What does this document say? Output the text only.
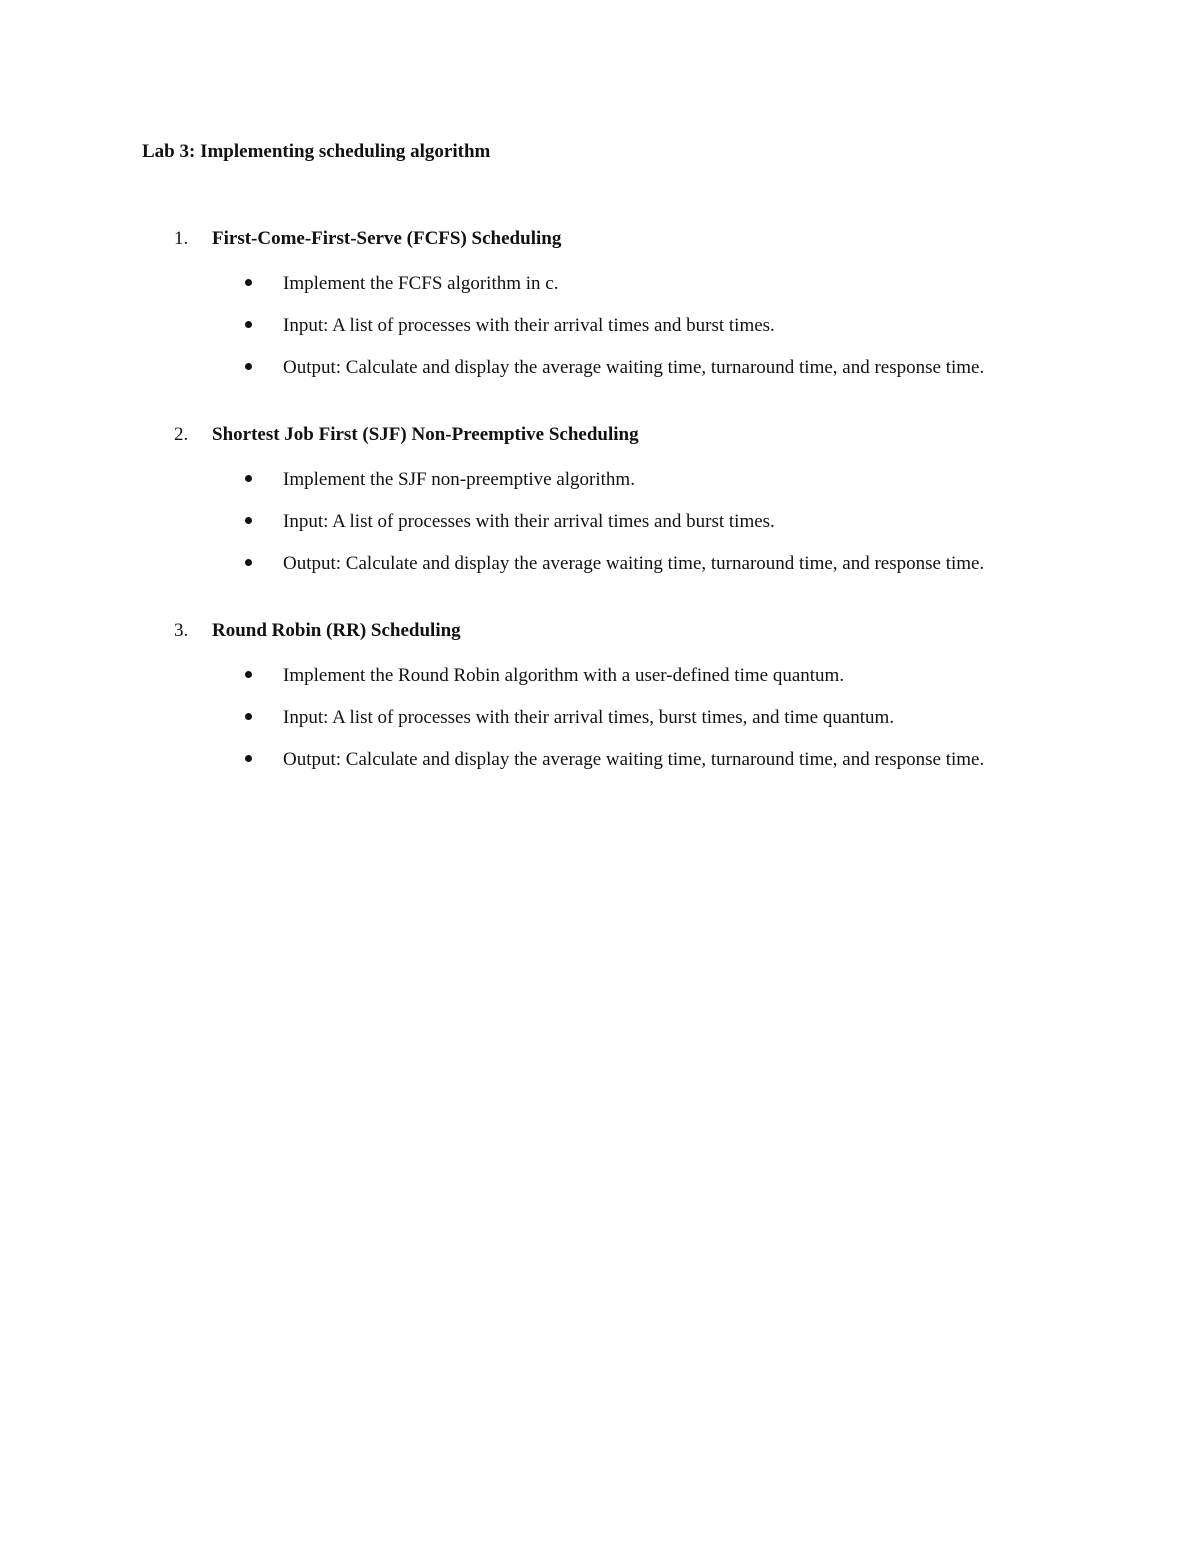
Lab 3: Implementing scheduling algorithm
1. First-Come-First-Serve (FCFS) Scheduling
Implement the FCFS algorithm in c.
Input: A list of processes with their arrival times and burst times.
Output: Calculate and display the average waiting time, turnaround time, and response time.
2. Shortest Job First (SJF) Non-Preemptive Scheduling
Implement the SJF non-preemptive algorithm.
Input: A list of processes with their arrival times and burst times.
Output: Calculate and display the average waiting time, turnaround time, and response time.
3. Round Robin (RR) Scheduling
Implement the Round Robin algorithm with a user-defined time quantum.
Input: A list of processes with their arrival times, burst times, and time quantum.
Output: Calculate and display the average waiting time, turnaround time, and response time.
